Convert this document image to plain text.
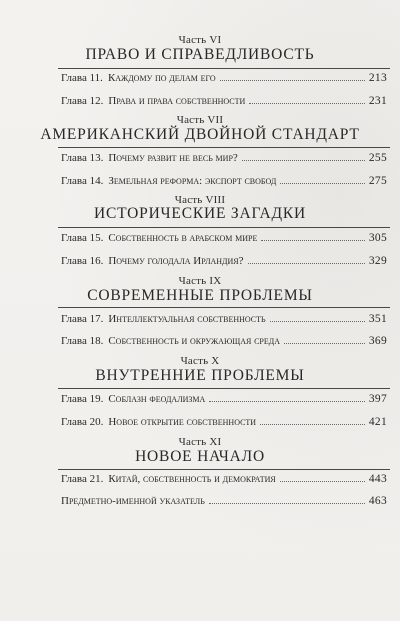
Часть VI
ПРАВО И СПРАВЕДЛИВОСТЬ
Глава 11. Каждому по делам его	213
Глава 12. Права и права собственности	231
Часть VII
АМЕРИКАНСКИЙ ДВОЙНОЙ СТАНДАРТ
Глава 13. Почему развит не весь мир?	255
Глава 14. Земельная реформа: экспорт свобод	275
Часть VIII
ИСТОРИЧЕСКИЕ ЗАГАДКИ
Глава 15. Собственность в арабском мире	305
Глава 16. Почему голодала Ирландия?	329
Часть IX
СОВРЕМЕННЫЕ ПРОБЛЕМЫ
Глава 17. Интеллектуальная собственность	351
Глава 18. Собственность и окружающая среда	369
Часть X
ВНУТРЕННИЕ ПРОБЛЕМЫ
Глава 19. Соблазн феодализма	397
Глава 20. Новое открытие собственности	421
Часть XI
НОВОЕ НАЧАЛО
Глава 21. Китай, собственность и демократия	443
Предметно-именной указатель	463
